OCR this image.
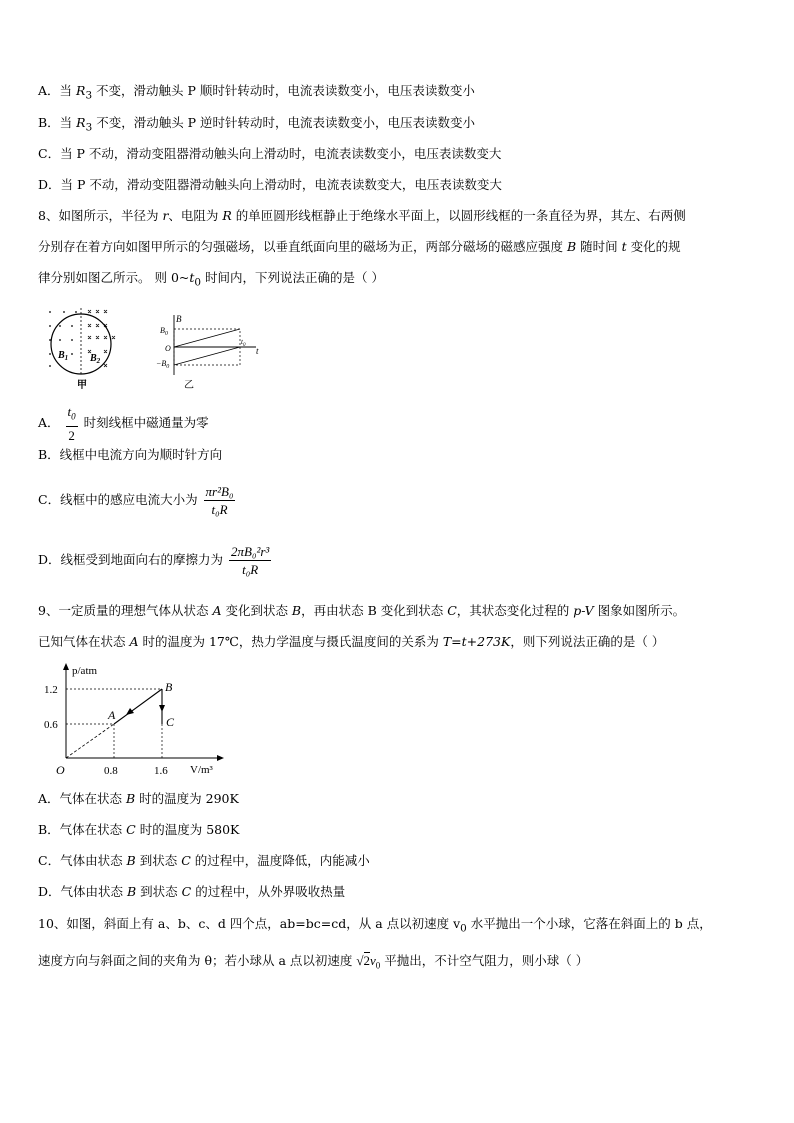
A．当 $R_3$ 不变，滑动触头 P 顺时针转动时，电流表读数变小，电压表读数变小
B．当 $R_3$ 不变，滑动触头 P 逆时针转动时，电流表读数变小，电压表读数变小
C．当 P 不动，滑动变阻器滑动触头向上滑动时，电流表读数变小，电压表读数变大
D．当 P 不动，滑动变阻器滑动触头向上滑动时，电流表读数变大，电压表读数变大
8、如图所示，半径为 r、电阻为 R 的单匝圆形线框静止于绝缘水平面上，以圆形线框的一条直径为界，其左、右两侧
分别存在着方向如图甲所示的匀强磁场，以垂直纸面向里的磁场为正，两部分磁场的磁感应强度 B 随时间 t 变化的规
律分别如图乙所示。 则 $0\sim t_0$ 时间内，下列说法正确的是（ ）
$B_1$ $B_2$
甲
B
t
$B_0$
O
$-B_0$
$t_0$
乙
A． $\frac{t_0}{2}$ 时刻线框中磁通量为零
B．线框中电流方向为顺时针方向
C．线框中的感应电流大小为 $\frac{\text{πr²B₀}}{\text{t₀R}}$
D．线框受到地面向右的摩擦力为 $\frac{\text{2πB₀²r³}}{\text{t₀R}}$
9、一定质量的理想气体从状态 A 变化到状态 B，再由状态 B 变化到状态 C，其状态变化过程的 p-V 图象如图所示。
已知气体在状态 A 时的温度为 17℃，热力学温度与摄氏温度间的关系为 T=t+273K，则下列说法正确的是（ ）
p/atm
V/m³
O
1.2
0.6
0.8	1.6
A
B
C
A．气体在状态 B 时的温度为 290K
B．气体在状态 C 时的温度为 580K
C．气体由状态 B 到状态 C 的过程中，温度降低，内能减小
D．气体由状态 B 到状态 C 的过程中，从外界吸收热量
10、如图，斜面上有 a、b、c、d 四个点，ab=bc=cd，从 a 点以初速度 $v_0$ 水平抛出一个小球，它落在斜面上的 b 点，
速度方向与斜面之间的夹角为 θ；若小球从 a 点以初速度 $√2v_0$ 平抛出，不计空气阻力，则小球（ ）
